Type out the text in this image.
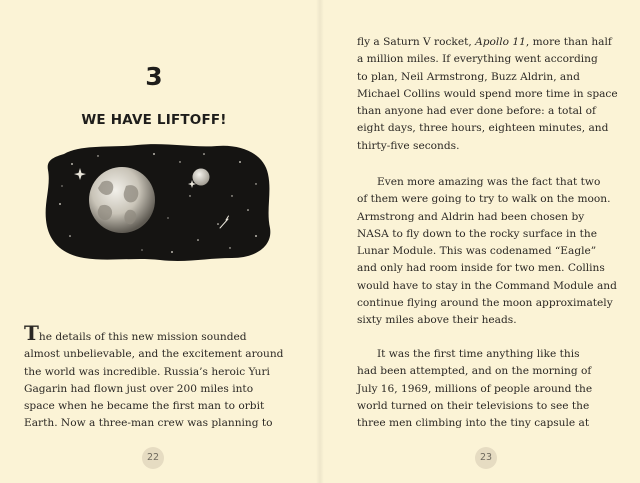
3
WE HAVE LIFTOFF!
The details of this new mission sounded
almost unbelievable, and the excitement around
the world was incredible. Russia’s heroic Yuri
Gagarin had flown just over 200 miles into
space when he became the first man to orbit
Earth. Now a three-man crew was planning to
22
fly a Saturn V rocket, Apollo 11, more than half
a million miles. If everything went according
to plan, Neil Armstrong, Buzz Aldrin, and
Michael Collins would spend more time in space
than anyone had ever done before: a total of
eight days, three hours, eighteen minutes, and
thirty-five seconds.
Even more amazing was the fact that two
of them were going to try to walk on the moon.
Armstrong and Aldrin had been chosen by
NASA to fly down to the rocky surface in the
Lunar Module. This was codenamed “Eagle”
and only had room inside for two men. Collins
would have to stay in the Command Module and
continue flying around the moon approximately
sixty miles above their heads.
It was the first time anything like this
had been attempted, and on the morning of
July 16, 1969, millions of people around the
world turned on their televisions to see the
three men climbing into the tiny capsule at
23
